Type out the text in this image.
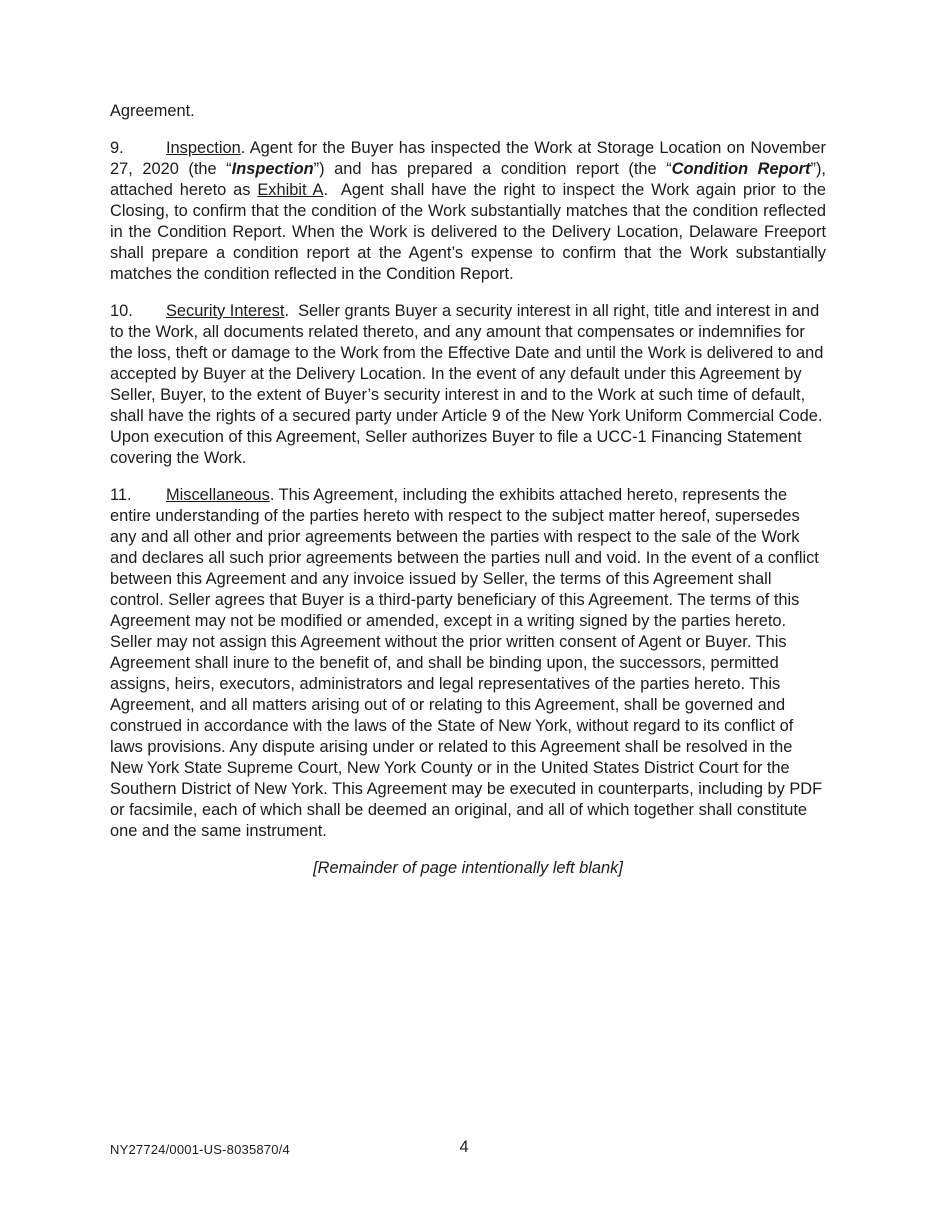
Agreement.

9.	Inspection. Agent for the Buyer has inspected the Work at Storage Location on November 27, 2020 (the “Inspection”) and has prepared a condition report (the “Condition Report”), attached hereto as Exhibit A.  Agent shall have the right to inspect the Work again prior to the Closing, to confirm that the condition of the Work substantially matches that the condition reflected in the Condition Report. When the Work is delivered to the Delivery Location, Delaware Freeport shall prepare a condition report at the Agent’s expense to confirm that the Work substantially matches the condition reflected in the Condition Report.

10. Security Interest.  Seller grants Buyer a security interest in all right, title and interest in and to the Work, all documents related thereto, and any amount that compensates or indemnifies for the loss, theft or damage to the Work from the Effective Date and until the Work is delivered to and accepted by Buyer at the Delivery Location. In the event of any default under this Agreement by Seller, Buyer, to the extent of Buyer’s security interest in and to the Work at such time of default, shall have the rights of a secured party under Article 9 of the New York Uniform Commercial Code. Upon execution of this Agreement, Seller authorizes Buyer to file a UCC-1 Financing Statement covering the Work.

11. Miscellaneous. This Agreement, including the exhibits attached hereto, represents the entire understanding of the parties hereto with respect to the subject matter hereof, supersedes any and all other and prior agreements between the parties with respect to the sale of the Work and declares all such prior agreements between the parties null and void. In the event of a conflict between this Agreement and any invoice issued by Seller, the terms of this Agreement shall control. Seller agrees that Buyer is a third-party beneficiary of this Agreement. The terms of this Agreement may not be modified or amended, except in a writing signed by the parties hereto. Seller may not assign this Agreement without the prior written consent of Agent or Buyer. This Agreement shall inure to the benefit of, and shall be binding upon, the successors, permitted assigns, heirs, executors, administrators and legal representatives of the parties hereto. This Agreement, and all matters arising out of or relating to this Agreement, shall be governed and construed in accordance with the laws of the State of New York, without regard to its conflict of laws provisions. Any dispute arising under or related to this Agreement shall be resolved in the New York State Supreme Court, New York County or in the United States District Court for the Southern District of New York. This Agreement may be executed in counterparts, including by PDF or facsimile, each of which shall be deemed an original, and all of which together shall constitute one and the same instrument.

[Remainder of page intentionally left blank]

NY27724/0001-US-8035870/4	4
